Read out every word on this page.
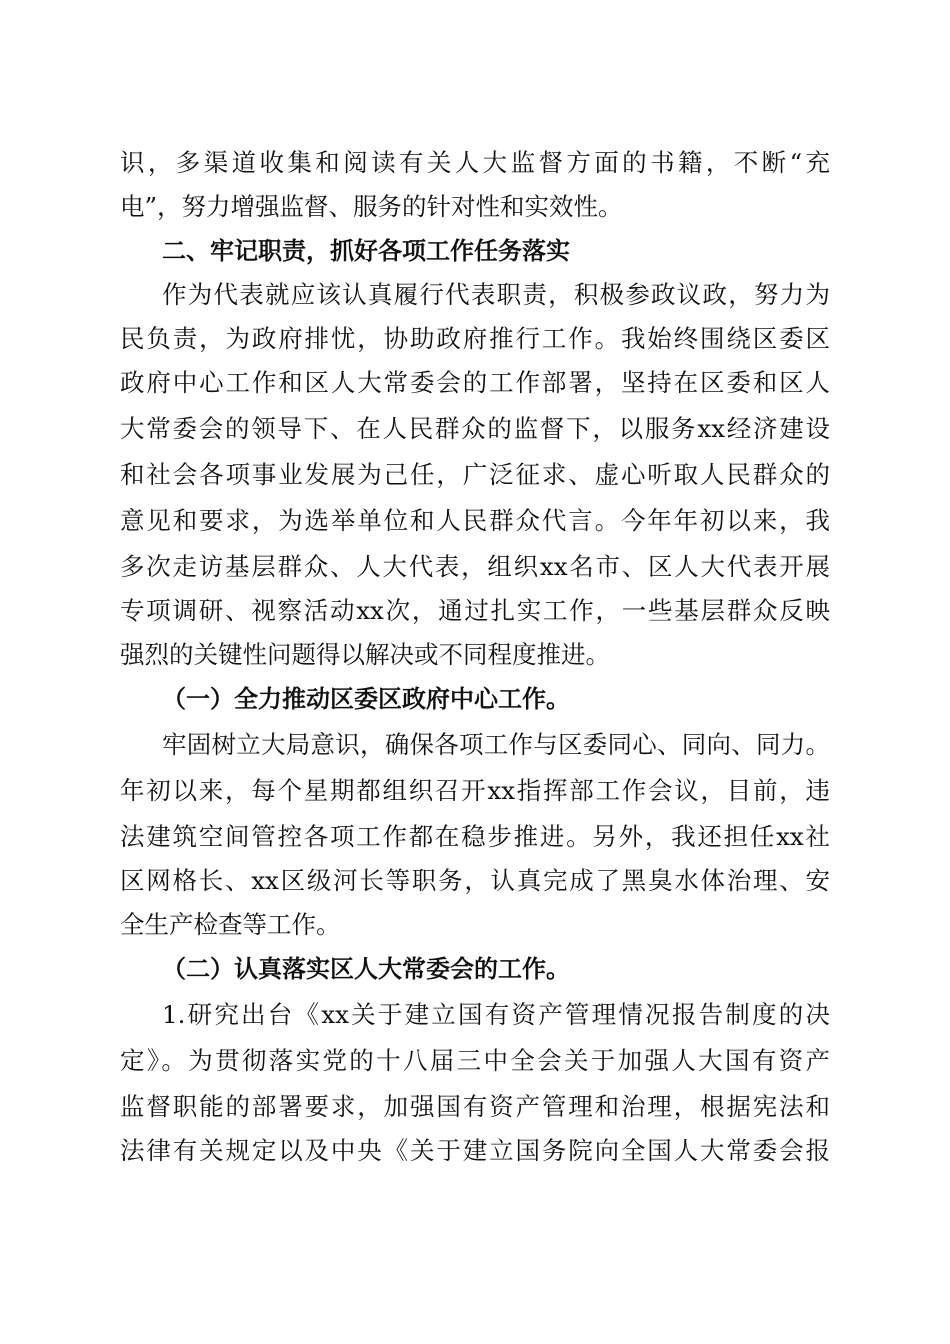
识，多渠道收集和阅读有关人大监督方面的书籍，不断“充
电”，努力增强监督、服务的针对性和实效性。
二、牢记职责，抓好各项工作任务落实
作为代表就应该认真履行代表职责，积极参政议政，努力为
民负责，为政府排忧，协助政府推行工作。我始终围绕区委区
政府中心工作和区人大常委会的工作部署，坚持在区委和区人
大常委会的领导下、在人民群众的监督下，以服务xx经济建设
和社会各项事业发展为己任，广泛征求、虚心听取人民群众的
意见和要求，为选举单位和人民群众代言。今年年初以来，我
多次走访基层群众、人大代表，组织xx名市、区人大代表开展
专项调研、视察活动xx次，通过扎实工作，一些基层群众反映
强烈的关键性问题得以解决或不同程度推进。
（一）全力推动区委区政府中心工作。
牢固树立大局意识，确保各项工作与区委同心、同向、同力。
年初以来，每个星期都组织召开xx指挥部工作会议，目前，违
法建筑空间管控各项工作都在稳步推进。另外，我还担任xx社
区网格长、xx区级河长等职务，认真完成了黑臭水体治理、安
全生产检查等工作。
（二）认真落实区人大常委会的工作。
1.研究出台《xx关于建立国有资产管理情况报告制度的决
定》。为贯彻落实党的十八届三中全会关于加强人大国有资产
监督职能的部署要求，加强国有资产管理和治理，根据宪法和
法律有关规定以及中央《关于建立国务院向全国人大常委会报
